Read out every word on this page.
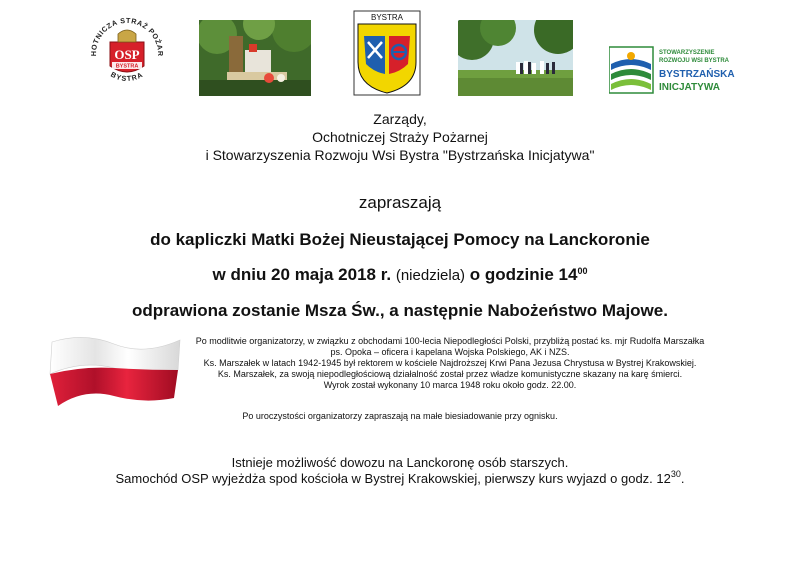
HOTNICZA STRAŻ POŻAR
BYSTRA
OSP
BYSTRA
BYSTRA
STOWARZYSZENIE
ROZWOJU WSI BYSTRA
BYSTRZAŃSKA
INICJATYWA
Zarządy,
Ochotniczej Straży Pożarnej
i Stowarzyszenia Rozwoju Wsi Bystra "Bystrzańska Inicjatywa"
zapraszają
do kapliczki Matki Bożej Nieustającej Pomocy na Lanckoronie
w dniu 20 maja 2018 r. (niedziela) o godzinie $14^{00}$
odprawiona zostanie Msza Św., a następnie Nabożeństwo Majowe.
Po modlitwie organizatorzy, w związku z obchodami 100-lecia Niepodległości Polski, przybliżą postać ks. mjr Rudolfa Marszałka
ps. Opoka – oficera i kapelana Wojska Polskiego, AK i NZS.
Ks. Marszałek w latach 1942-1945 był rektorem w kościele Najdroższej Krwi Pana Jezusa Chrystusa w Bystrej Krakowskiej.
Ks. Marszałek, za swoją niepodległościową działalność został przez władze komunistyczne skazany na karę śmierci.
Wyrok został wykonany 10 marca 1948 roku około godz. 22.00.
Po uroczystości organizatorzy zapraszają na małe biesiadowanie przy ognisku.
Istnieje możliwość dowozu na Lanckoronę osób starszych.
Samochód OSP wyjeżdża spod kościoła w Bystrej Krakowskiej, pierwszy kurs wyjazd o godz. $12^{30}$.
